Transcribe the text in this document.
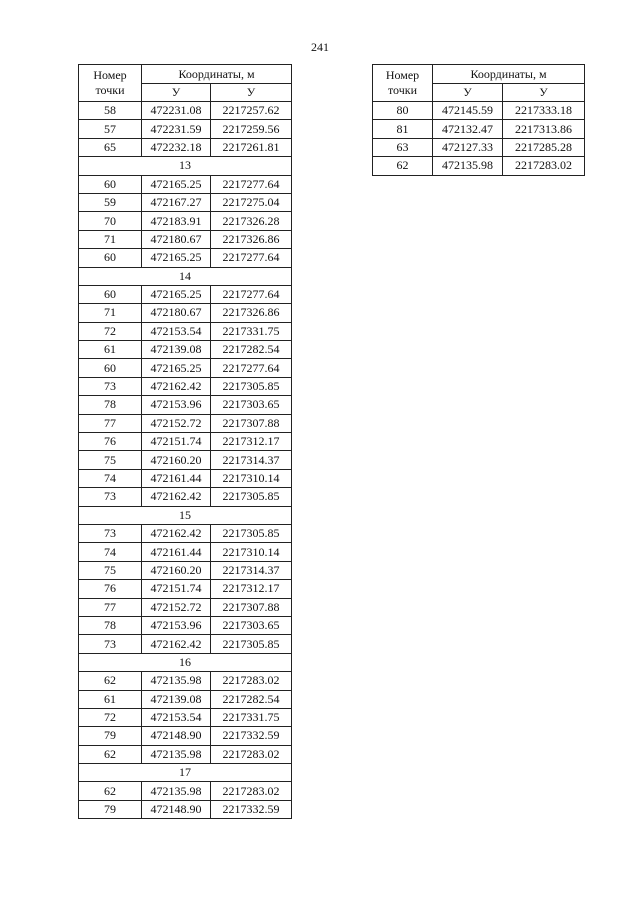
241
Номер точки	Координаты, м	
	У	У
58	472231.08	2217257.62
57	472231.59	2217259.56
65	472232.18	2217261.81
13		
60	472165.25	2217277.64
59	472167.27	2217275.04
70	472183.91	2217326.28
71	472180.67	2217326.86
60	472165.25	2217277.64
14		
60	472165.25	2217277.64
71	472180.67	2217326.86
72	472153.54	2217331.75
61	472139.08	2217282.54
60	472165.25	2217277.64
73	472162.42	2217305.85
78	472153.96	2217303.65
77	472152.72	2217307.88
76	472151.74	2217312.17
75	472160.20	2217314.37
74	472161.44	2217310.14
73	472162.42	2217305.85
15		
73	472162.42	2217305.85
74	472161.44	2217310.14
75	472160.20	2217314.37
76	472151.74	2217312.17
77	472152.72	2217307.88
78	472153.96	2217303.65
73	472162.42	2217305.85
16		
62	472135.98	2217283.02
61	472139.08	2217282.54
72	472153.54	2217331.75
79	472148.90	2217332.59
62	472135.98	2217283.02
17		
62	472135.98	2217283.02
79	472148.90	2217332.59
Номер точки	Координаты, м	
	У	У
80	472145.59	2217333.18
81	472132.47	2217313.86
63	472127.33	2217285.28
62	472135.98	2217283.02
